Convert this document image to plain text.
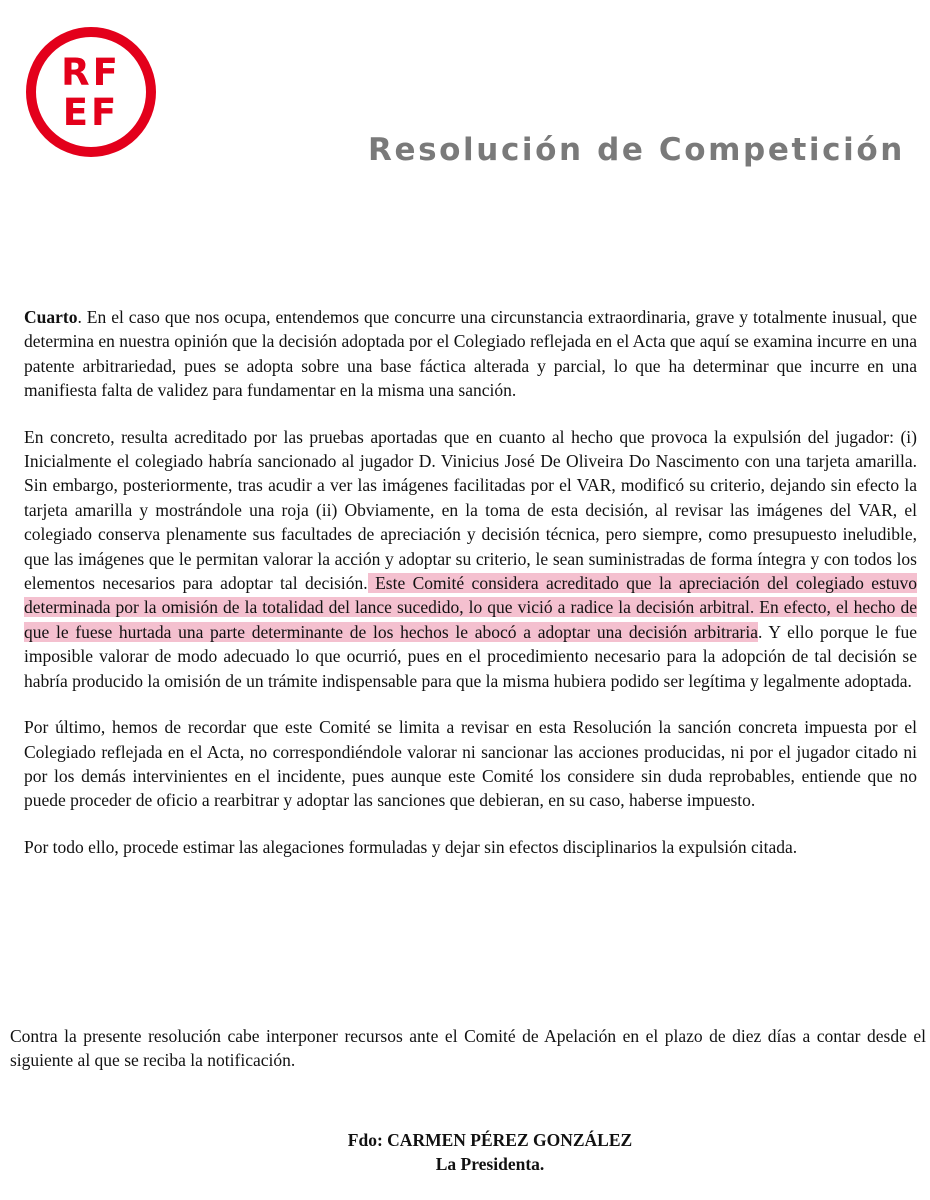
RF
EF
Resolución de Competición

Cuarto. En el caso que nos ocupa, entendemos que concurre una circunstancia extraordinaria, grave y totalmente inusual, que determina en nuestra opinión que la decisión adoptada por el Colegiado reflejada en el Acta que aquí se examina incurre en una patente arbitrariedad, pues se adopta sobre una base fáctica alterada y parcial, lo que ha determinar que incurre en una manifiesta falta de validez para fundamentar en la misma una sanción.

En concreto, resulta acreditado por las pruebas aportadas que en cuanto al hecho que provoca la expulsión del jugador: (i) Inicialmente el colegiado habría sancionado al jugador D. Vinicius José De Oliveira Do Nascimento con una tarjeta amarilla. Sin embargo, posteriormente, tras acudir a ver las imágenes facilitadas por el VAR, modificó su criterio, dejando sin efecto la tarjeta amarilla y mostrándole una roja (ii) Obviamente, en la toma de esta decisión, al revisar las imágenes del VAR, el colegiado conserva plenamente sus facultades de apreciación y decisión técnica, pero siempre, como presupuesto ineludible, que las imágenes que le permitan valorar la acción y adoptar su criterio, le sean suministradas de forma íntegra y con todos los elementos necesarios para adoptar tal decisión. Este Comité considera acreditado que la apreciación del colegiado estuvo determinada por la omisión de la totalidad del lance sucedido, lo que vició a radice la decisión arbitral. En efecto, el hecho de que le fuese hurtada una parte determinante de los hechos le abocó a adoptar una decisión arbitraria. Y ello porque le fue imposible valorar de modo adecuado lo que ocurrió, pues en el procedimiento necesario para la adopción de tal decisión se habría producido la omisión de un trámite indispensable para que la misma hubiera podido ser legítima y legalmente adoptada.

Por último, hemos de recordar que este Comité se limita a revisar en esta Resolución la sanción concreta impuesta por el Colegiado reflejada en el Acta, no correspondiéndole valorar ni sancionar las acciones producidas, ni por el jugador citado ni por los demás intervinientes en el incidente, pues aunque este Comité los considere sin duda reprobables, entiende que no puede proceder de oficio a rearbitrar y adoptar las sanciones que debieran, en su caso, haberse impuesto.

Por todo ello, procede estimar las alegaciones formuladas y dejar sin efectos disciplinarios la expulsión citada.

Contra la presente resolución cabe interponer recursos ante el Comité de Apelación en el plazo de diez días a contar desde el siguiente al que se reciba la notificación.

Fdo: CARMEN PÉREZ GONZÁLEZ
La Presidenta.
